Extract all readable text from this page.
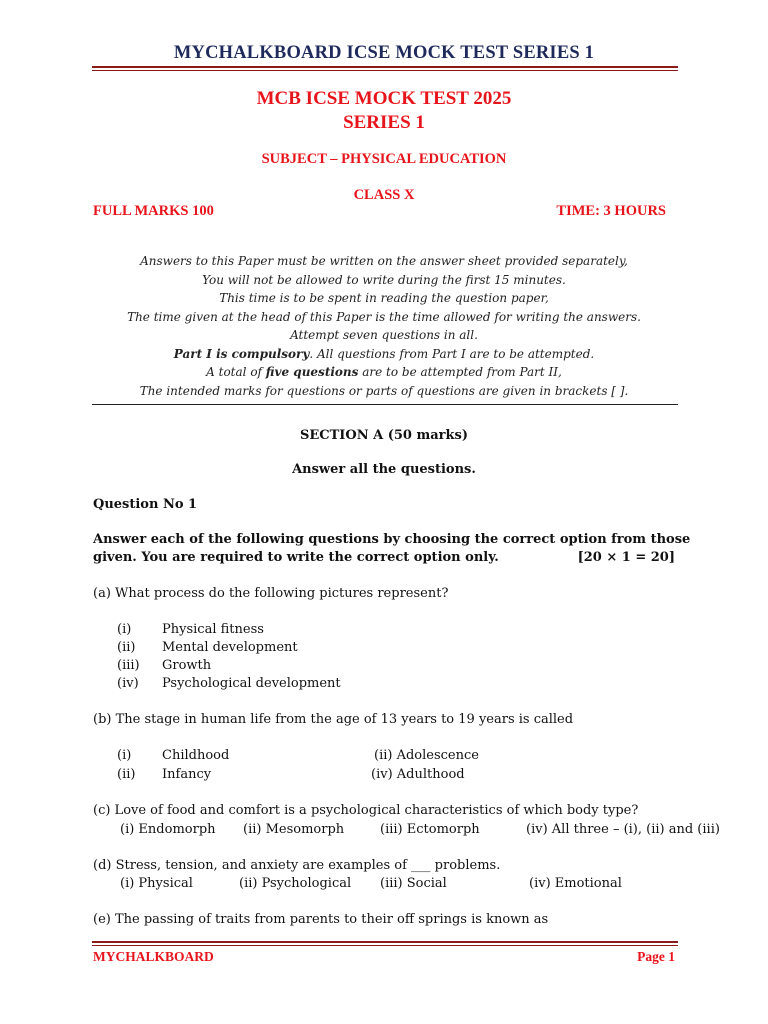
MYCHALKBOARD ICSE MOCK TEST SERIES 1
MCB ICSE MOCK TEST 2025
SERIES 1
SUBJECT – PHYSICAL EDUCATION
CLASS X
FULL MARKS 100	TIME: 3 HOURS
Answers to this Paper must be written on the answer sheet provided separately,
You will not be allowed to write during the first 15 minutes.
This time is to be spent in reading the question paper,
The time given at the head of this Paper is the time allowed for writing the answers.
Attempt seven questions in all.
Part I is compulsory. All questions from Part I are to be attempted.
A total of five questions are to be attempted from Part II,
The intended marks for questions or parts of questions are given in brackets [ ].
SECTION A (50 marks)
Answer all the questions.
Question No 1
Answer each of the following questions by choosing the correct option from those
given. You are required to write the correct option only.	[20 × 1 = 20]
(a) What process do the following pictures represent?
(i) Physical fitness
(ii) Mental development
(iii) Growth
(iv) Psychological development
(b) The stage in human life from the age of 13 years to 19 years is called
(i) Childhood	(ii) Adolescence
(ii) Infancy	(iv) Adulthood
(c) Love of food and comfort is a psychological characteristics of which body type?
(i) Endomorph (ii) Mesomorph	(iii) Ectomorph	(iv) All three – (i), (ii) and (iii)
(d) Stress, tension, and anxiety are examples of ___ problems.
(i) Physical	(ii) Psychological (iii) Social	(iv) Emotional
(e) The passing of traits from parents to their off springs is known as
MYCHALKBOARD	Page 1
